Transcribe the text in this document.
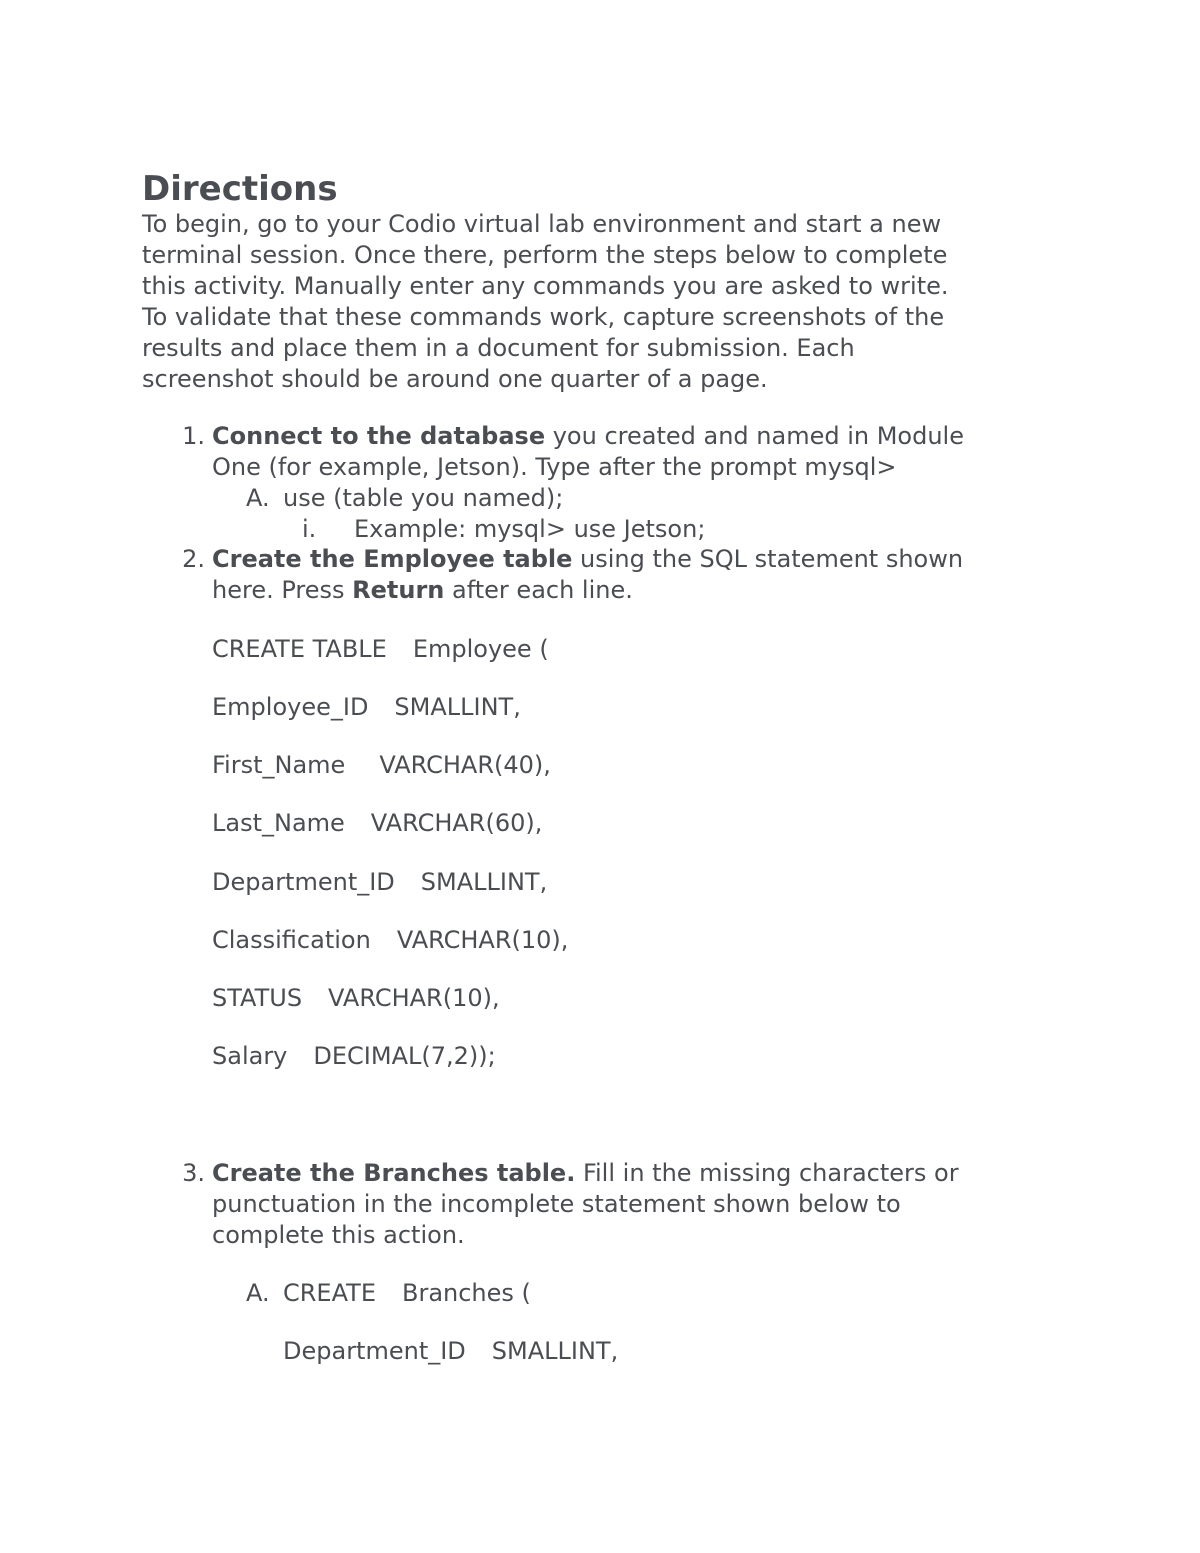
Directions
To begin, go to your Codio virtual lab environment and start a new
terminal session. Once there, perform the steps below to complete
this activity. Manually enter any commands you are asked to write.
To validate that these commands work, capture screenshots of the
results and place them in a document for submission. Each
screenshot should be around one quarter of a page.
1. Connect to the database you created and named in Module
One (for example, Jetson). Type after the prompt mysql>
A. use (table you named);
i. Example: mysql> use Jetson;
2. Create the Employee table using the SQL statement shown
here. Press Return after each line.
CREATE TABLE Employee (
Employee_ID SMALLINT,
First_Name VARCHAR(40),
Last_Name VARCHAR(60),
Department_ID SMALLINT,
Classification VARCHAR(10),
STATUS VARCHAR(10),
Salary DECIMAL(7,2));
3. Create the Branches table. Fill in the missing characters or
punctuation in the incomplete statement shown below to
complete this action.
A. CREATE Branches (
Department_ID SMALLINT,
